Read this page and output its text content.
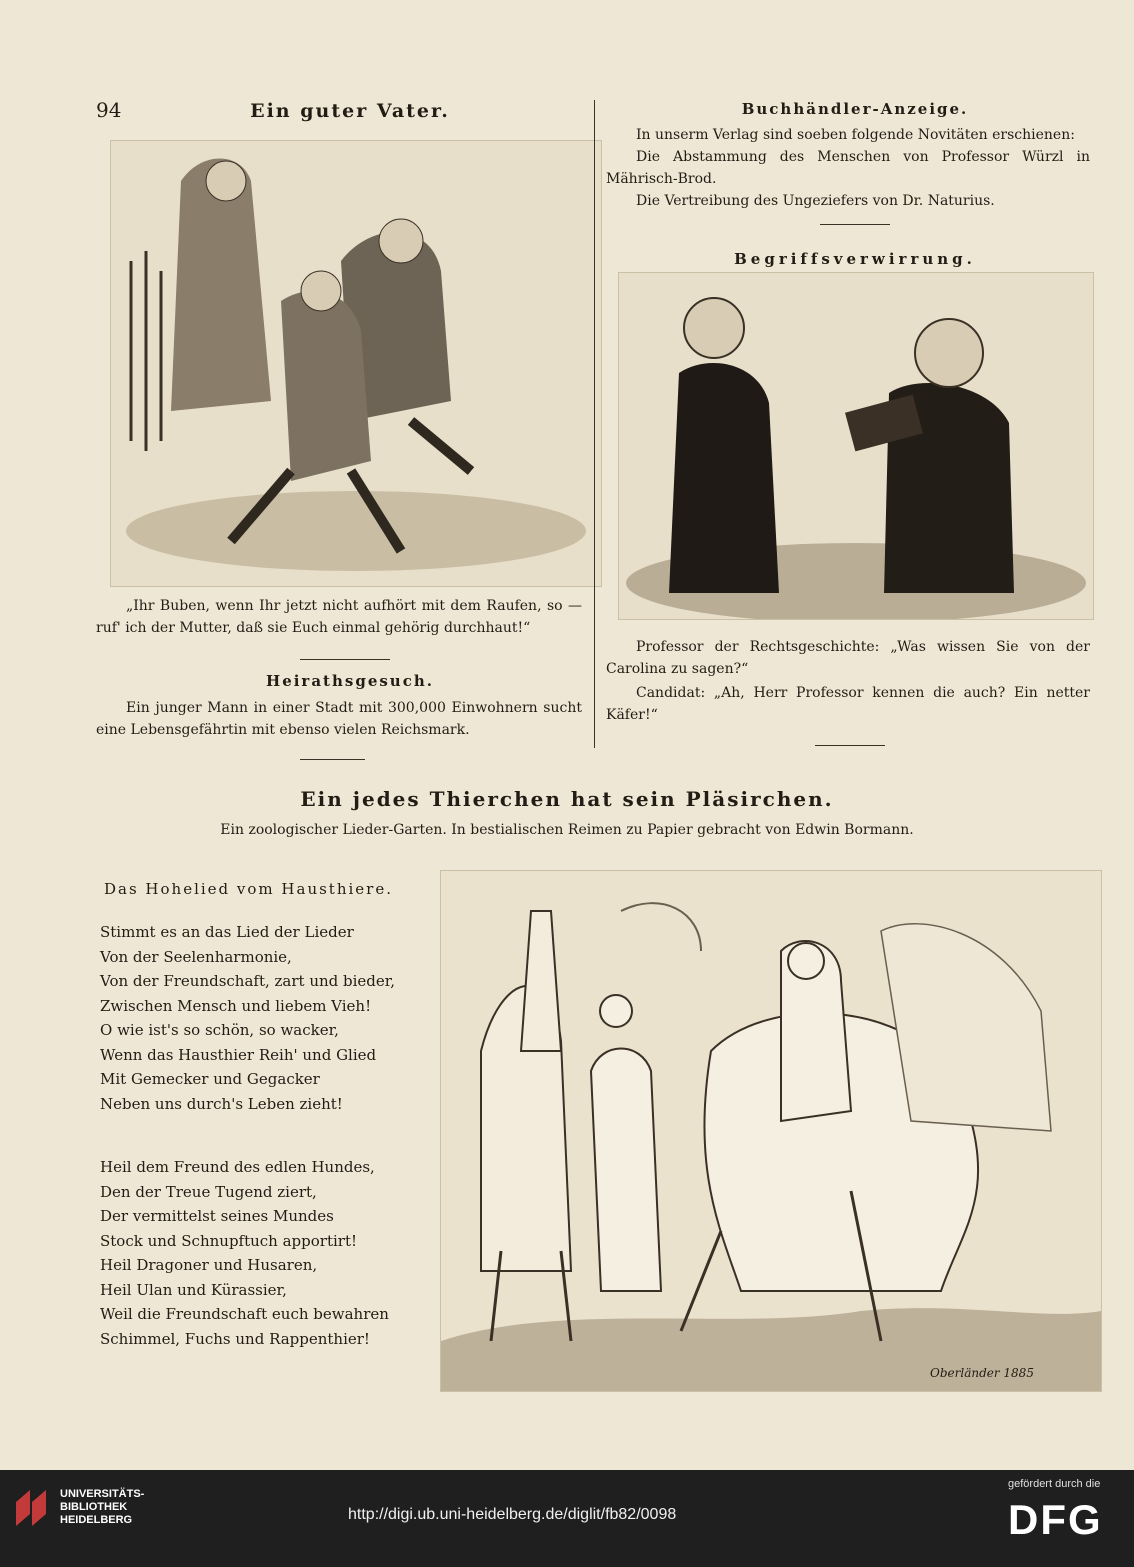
94	Ein guter Vater.
„Ihr Buben, wenn Ihr jetzt nicht aufhört mit dem Raufen, so — ruf' ich der Mutter, daß sie Euch einmal gehörig durchhaut!“
Heirathsgesuch.
Ein junger Mann in einer Stadt mit 300,000 Einwohnern sucht eine Lebensgefährtin mit ebenso vielen Reichsmark.
Buchhändler-Anzeige.
In unserm Verlag sind soeben folgende Novitäten erschienen:
Die Abstammung des Menschen von Professor Würzl in Mährisch-Brod.
Die Vertreibung des Ungeziefers von Dr. Naturius.
Begriffsverwirrung.
Professor der Rechtsgeschichte: „Was wissen Sie von der Carolina zu sagen?“
Candidat: „Ah, Herr Professor kennen die auch? Ein netter Käfer!“
Ein jedes Thierchen hat sein Pläsirchen.
Ein zoologischer Lieder-Garten. In bestialischen Reimen zu Papier gebracht von Edwin Bormann.
Das Hohelied vom Hausthiere.
Stimmt es an das Lied der Lieder
Von der Seelenharmonie,
Von der Freundschaft, zart und bieder,
Zwischen Mensch und liebem Vieh!
O wie ist's so schön, so wacker,
Wenn das Hausthier Reih' und Glied
Mit Gemecker und Gegacker
Neben uns durch's Leben zieht!
Heil dem Freund des edlen Hundes,
Den der Treue Tugend ziert,
Der vermittelst seines Mundes
Stock und Schnupftuch apportirt!
Heil Dragoner und Husaren,
Heil Ulan und Kürassier,
Weil die Freundschaft euch bewahren
Schimmel, Fuchs und Rappenthier!
Oberländer 1885
UNIVERSITÄTS-
BIBLIOTHEK
HEIDELBERG	http://digi.ub.uni-heidelberg.de/diglit/fb82/0098
gefördert durch die
DFG
